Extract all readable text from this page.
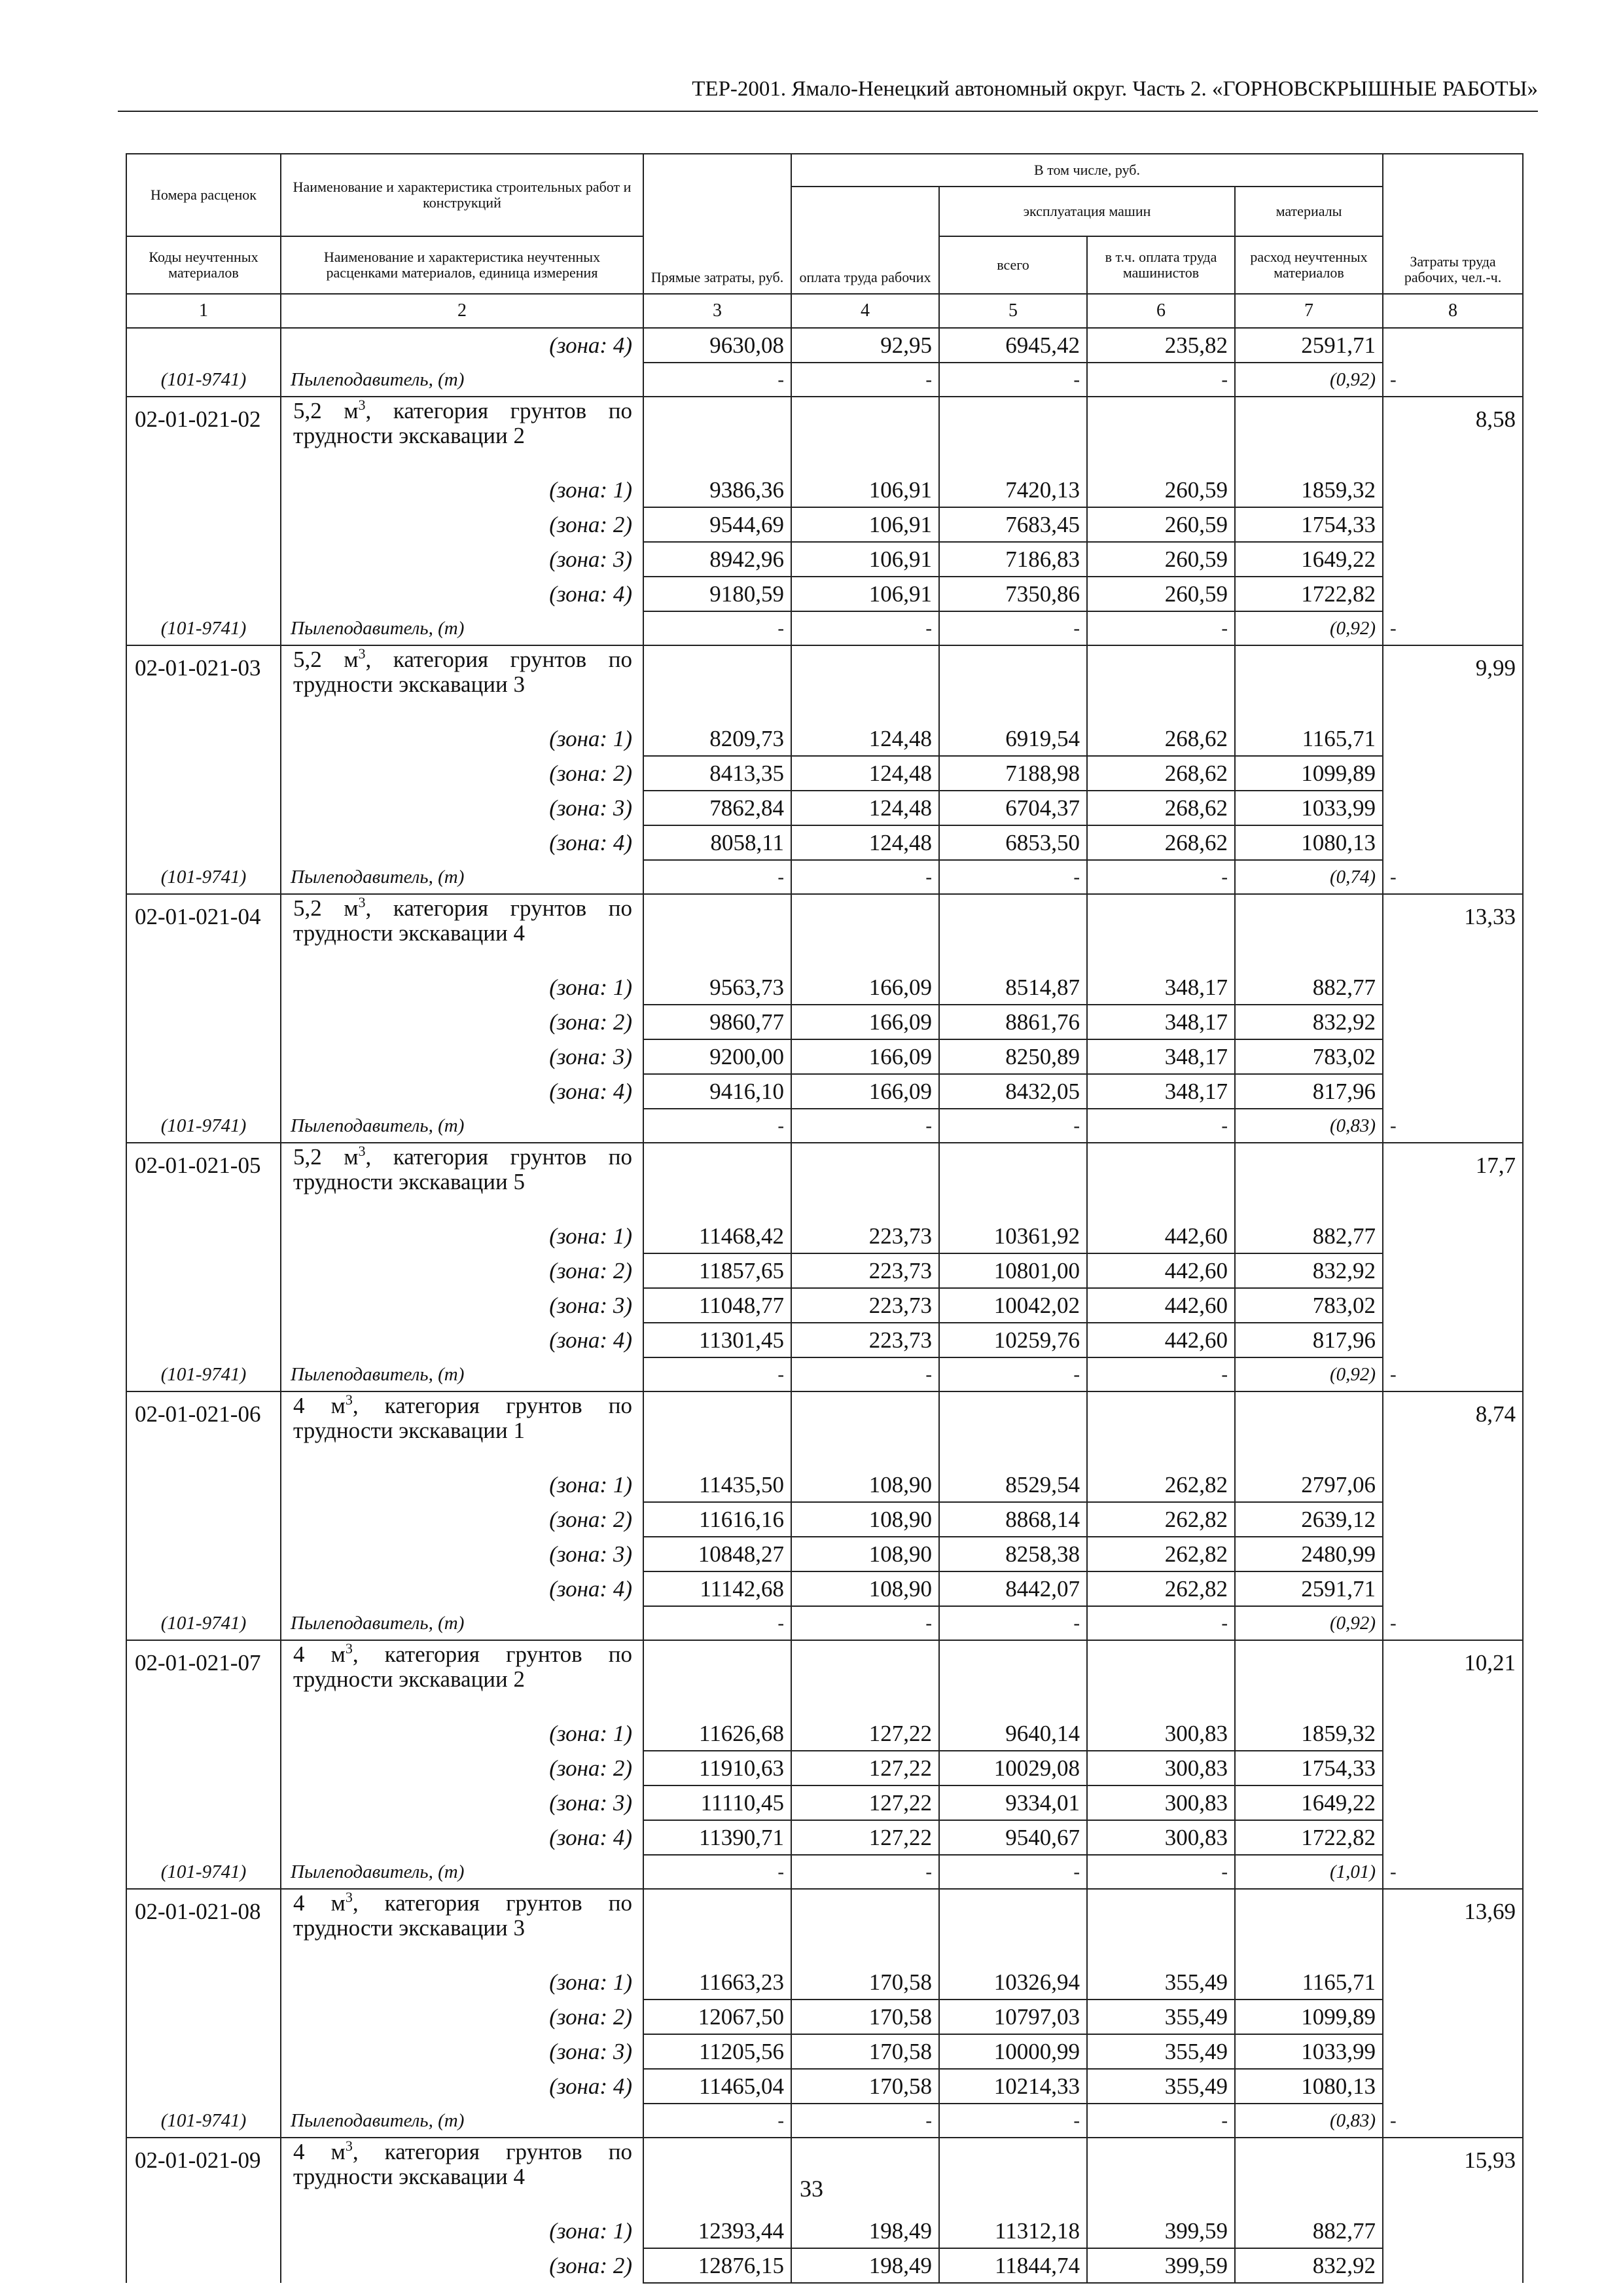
ТЕР-2001. Ямало-Ненецкий автономный округ. Часть 2. «ГОРНОВСКРЫШНЫЕ РАБОТЫ»
Номера расценок	Наименование и характеристика строительных работ и конструкций	Прямые затраты, руб.	В том числе, руб.				Затраты труда рабочих, чел.-ч.
			оплата труда рабочих	эксплуатация машин		материалы	
Коды неучтенных материалов	Наименование и характеристика неучтенных расценками материалов, единица измерения			всего	в т.ч. оплата труда машинистов	расход неучтенных материалов	
1	2	3	4	5	6	7	8
	(зона: 4)	9630,08	92,95	6945,42	235,82	2591,71	
(101-9741)	Пылеподавитель, (т)	-	-	-	-	(0,92)	-
02-01-021-02	5,2 $м^3$, категория грунтов по трудности экскавации 2						8,58
	(зона: 1)	9386,36	106,91	7420,13	260,59	1859,32	
	(зона: 2)	9544,69	106,91	7683,45	260,59	1754,33	
	(зона: 3)	8942,96	106,91	7186,83	260,59	1649,22	
	(зона: 4)	9180,59	106,91	7350,86	260,59	1722,82	
(101-9741)	Пылеподавитель, (т)	-	-	-	-	(0,92)	-
02-01-021-03	5,2 $м^3$, категория грунтов по трудности экскавации 3						9,99
	(зона: 1)	8209,73	124,48	6919,54	268,62	1165,71	
	(зона: 2)	8413,35	124,48	7188,98	268,62	1099,89	
	(зона: 3)	7862,84	124,48	6704,37	268,62	1033,99	
	(зона: 4)	8058,11	124,48	6853,50	268,62	1080,13	
(101-9741)	Пылеподавитель, (т)	-	-	-	-	(0,74)	-
02-01-021-04	5,2 $м^3$, категория грунтов по трудности экскавации 4						13,33
	(зона: 1)	9563,73	166,09	8514,87	348,17	882,77	
	(зона: 2)	9860,77	166,09	8861,76	348,17	832,92	
	(зона: 3)	9200,00	166,09	8250,89	348,17	783,02	
	(зона: 4)	9416,10	166,09	8432,05	348,17	817,96	
(101-9741)	Пылеподавитель, (т)	-	-	-	-	(0,83)	-
02-01-021-05	5,2 $м^3$, категория грунтов по трудности экскавации 5						17,7
	(зона: 1)	11468,42	223,73	10361,92	442,60	882,77	
	(зона: 2)	11857,65	223,73	10801,00	442,60	832,92	
	(зона: 3)	11048,77	223,73	10042,02	442,60	783,02	
	(зона: 4)	11301,45	223,73	10259,76	442,60	817,96	
(101-9741)	Пылеподавитель, (т)	-	-	-	-	(0,92)	-
02-01-021-06	4 $м^3$, категория грунтов по трудности экскавации 1						8,74
	(зона: 1)	11435,50	108,90	8529,54	262,82	2797,06	
	(зона: 2)	11616,16	108,90	8868,14	262,82	2639,12	
	(зона: 3)	10848,27	108,90	8258,38	262,82	2480,99	
	(зона: 4)	11142,68	108,90	8442,07	262,82	2591,71	
(101-9741)	Пылеподавитель, (т)	-	-	-	-	(0,92)	-
02-01-021-07	4 $м^3$, категория грунтов по трудности экскавации 2						10,21
	(зона: 1)	11626,68	127,22	9640,14	300,83	1859,32	
	(зона: 2)	11910,63	127,22	10029,08	300,83	1754,33	
	(зона: 3)	11110,45	127,22	9334,01	300,83	1649,22	
	(зона: 4)	11390,71	127,22	9540,67	300,83	1722,82	
(101-9741)	Пылеподавитель, (т)	-	-	-	-	(1,01)	-
02-01-021-08	4 $м^3$, категория грунтов по трудности экскавации 3						13,69
	(зона: 1)	11663,23	170,58	10326,94	355,49	1165,71	
	(зона: 2)	12067,50	170,58	10797,03	355,49	1099,89	
	(зона: 3)	11205,56	170,58	10000,99	355,49	1033,99	
	(зона: 4)	11465,04	170,58	10214,33	355,49	1080,13	
(101-9741)	Пылеподавитель, (т)	-	-	-	-	(0,83)	-
02-01-021-09	4 $м^3$, категория грунтов по трудности экскавации 4						15,93
	(зона: 1)	12393,44	198,49	11312,18	399,59	882,77	
	(зона: 2)	12876,15	198,49	11844,74	399,59	832,92	
33
